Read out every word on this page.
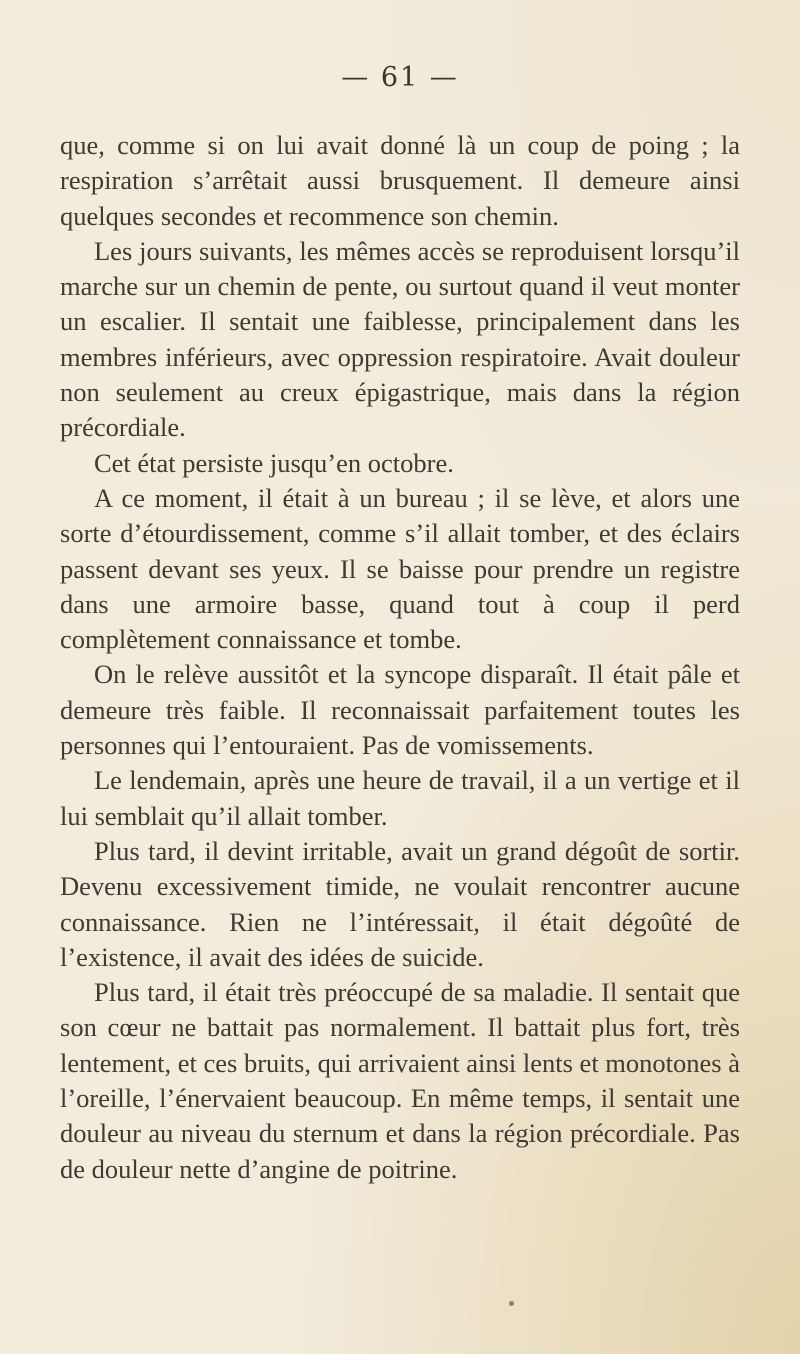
— 61 —

que, comme si on lui avait donné là un coup de poing ; la respiration s’arrêtait aussi brusquement. Il demeure ainsi quelques secondes et recommence son chemin.

Les jours suivants, les mêmes accès se reproduisent lorsqu’il marche sur un chemin de pente, ou surtout quand il veut monter un escalier. Il sentait une faiblesse, principalement dans les membres inférieurs, avec oppression respiratoire. Avait douleur non seulement au creux épigastrique, mais dans la région précordiale.

Cet état persiste jusqu’en octobre.

A ce moment, il était à un bureau ; il se lève, et alors une sorte d’étourdissement, comme s’il allait tomber, et des éclairs passent devant ses yeux. Il se baisse pour prendre un registre dans une armoire basse, quand tout à coup il perd complètement connaissance et tombe.

On le relève aussitôt et la syncope disparaît. Il était pâle et demeure très faible. Il reconnaissait parfaitement toutes les personnes qui l’entouraient. Pas de vomissements.

Le lendemain, après une heure de travail, il a un vertige et il lui semblait qu’il allait tomber.

Plus tard, il devint irritable, avait un grand dégoût de sortir. Devenu excessivement timide, ne voulait rencontrer aucune connaissance. Rien ne l’intéressait, il était dégoûté de l’existence, il avait des idées de suicide.

Plus tard, il était très préoccupé de sa maladie. Il sentait que son cœur ne battait pas normalement. Il battait plus fort, très lentement, et ces bruits, qui arrivaient ainsi lents et monotones à l’oreille, l’énervaient beaucoup. En même temps, il sentait une douleur au niveau du sternum et dans la région précordiale. Pas de douleur nette d’angine de poitrine.
